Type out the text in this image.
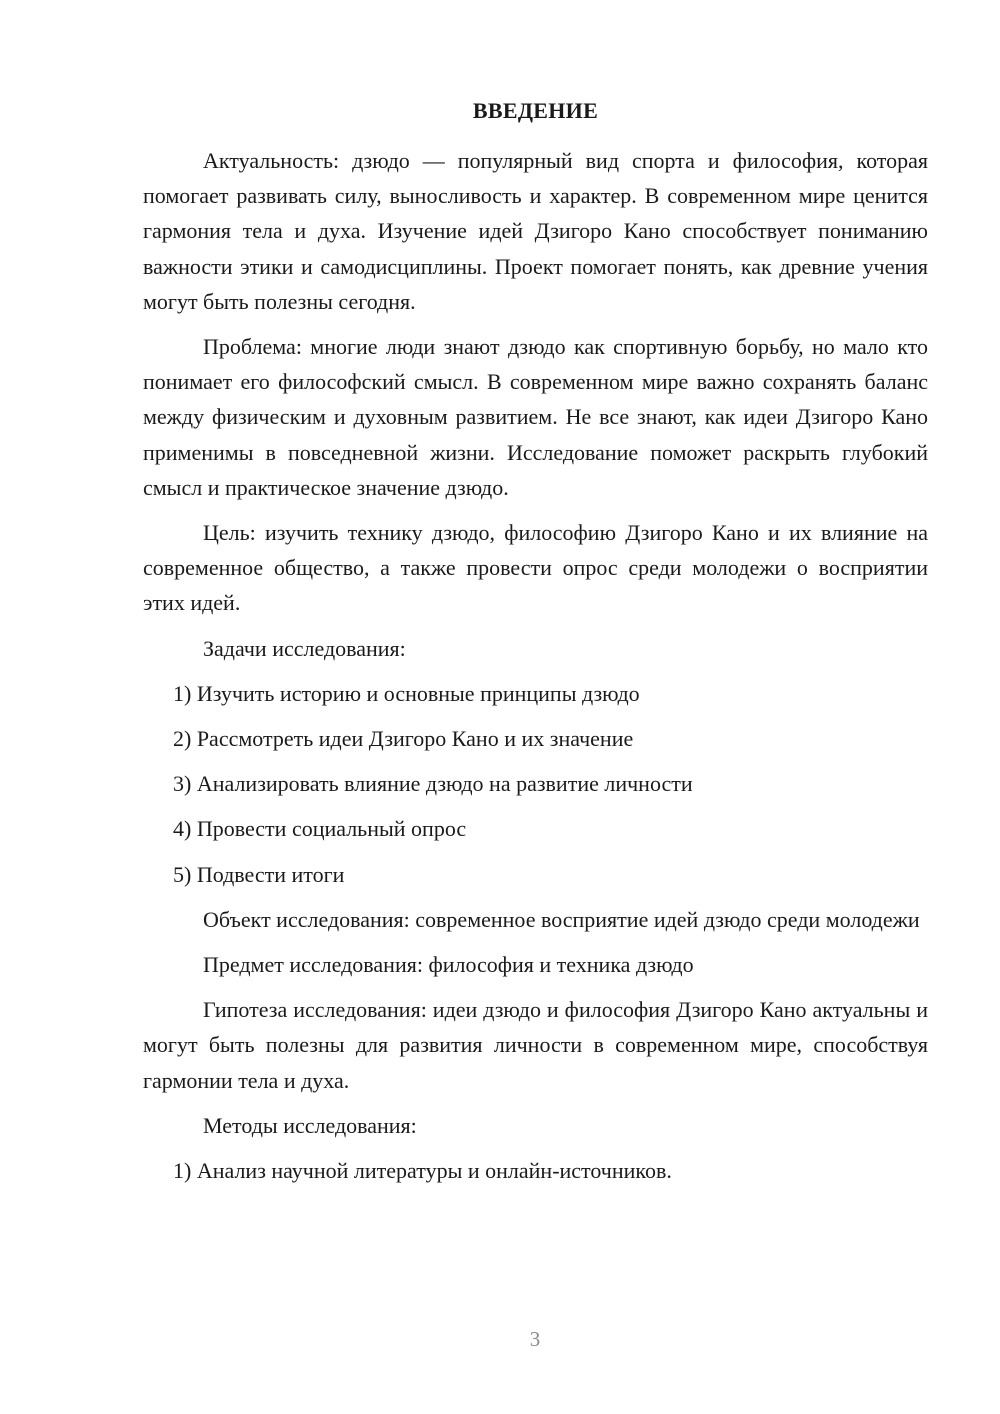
ВВЕДЕНИЕ

Актуальность: дзюдо — популярный вид спорта и философия, которая помогает развивать силу, выносливость и характер. В современном мире ценится гармония тела и духа. Изучение идей Дзигоро Кано способствует пониманию важности этики и самодисциплины. Проект помогает понять, как древние учения могут быть полезны сегодня.

Проблема: многие люди знают дзюдо как спортивную борьбу, но мало кто понимает его философский смысл. В современном мире важно сохранять баланс между физическим и духовным развитием. Не все знают, как идеи Дзигоро Кано применимы в повседневной жизни. Исследование поможет раскрыть глубокий смысл и практическое значение дзюдо.

Цель: изучить технику дзюдо, философию Дзигоро Кано и их влияние на современное общество, а также провести опрос среди молодежи о восприятии этих идей.

Задачи исследования:

1) Изучить историю и основные принципы дзюдо

2) Рассмотреть идеи Дзигоро Кано и их значение

3) Анализировать влияние дзюдо на развитие личности

4) Провести социальный опрос

5) Подвести итоги

Объект исследования: современное восприятие идей дзюдо среди молодежи

Предмет исследования: философия и техника дзюдо

Гипотеза исследования: идеи дзюдо и философия Дзигоро Кано актуальны и могут быть полезны для развития личности в современном мире, способствуя гармонии тела и духа.

Методы исследования:

1) Анализ научной литературы и онлайн-источников.

3
